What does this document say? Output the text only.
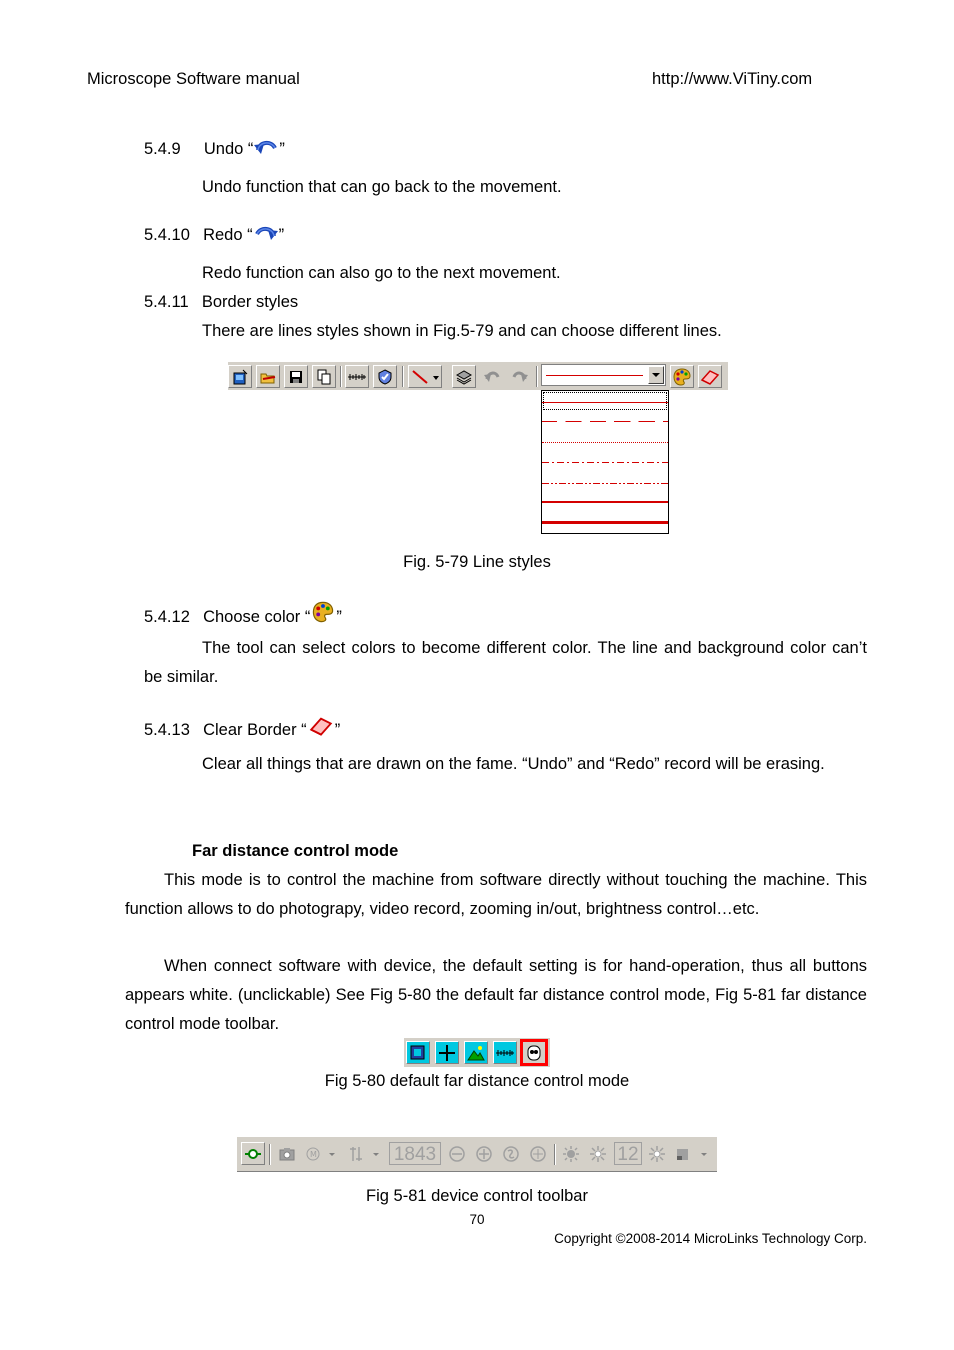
Microscope Software manual	http://www.ViTiny.com
5.4.9 Undo “ ”
Undo function that can go back to the movement.
5.4.10 Redo “ ”
Redo function can also go to the next movement.
5.4.11 Border styles
There are lines styles shown in Fig.5-79 and can choose different lines.
Fig. 5-79 Line styles
5.4.12 Choose color “ ”
The tool can select colors to become different color. The line and background color can’t be similar.
5.4.13 Clear Border “ ”
Clear all things that are drawn on the fame. “Undo” and “Redo” record will be erasing.
Far distance control mode
This mode is to control the machine from software directly without touching the machine. This function allows to do photograpy, video record, zooming in/out, brightness control…etc.
When connect software with device, the default setting is for hand-operation, thus all buttons appears white. (unclickable) See Fig 5-80 the default far distance control mode, Fig 5-81 far distance control mode toolbar.
Fig 5-80 default far distance control mode
M	1843	12
Fig 5-81 device control toolbar
70
Copyright ©2008-2014 MicroLinks Technology Corp.
